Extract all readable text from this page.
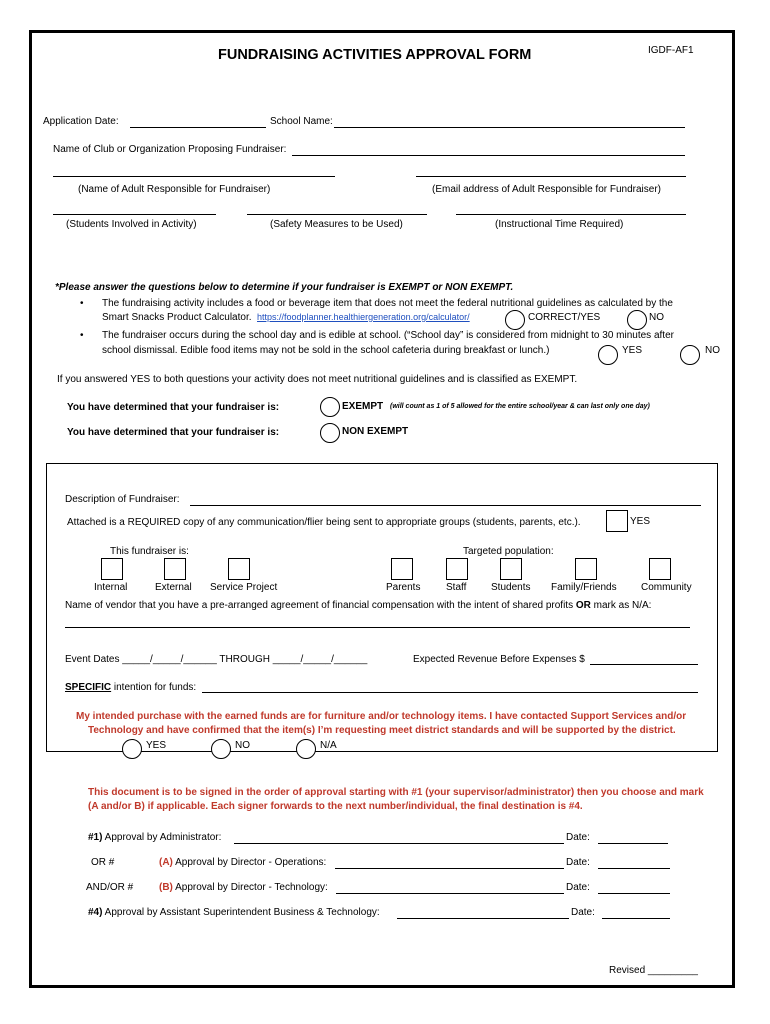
FUNDRAISING ACTIVITIES APPROVAL FORM	IGDF-AF1
Application Date:	School Name:
Name of Club or Organization Proposing Fundraiser:
(Name of Adult Responsible for Fundraiser)	(Email address of Adult Responsible for Fundraiser)
(Students Involved in Activity)	(Safety Measures to be Used)	(Instructional Time Required)
*Please answer the questions below to determine if your fundraiser is EXEMPT or NON EXEMPT.
• The fundraising activity includes a food or beverage item that does not meet the federal nutritional guidelines as calculated by the
Smart Snacks Product Calculator. https://foodplanner.healthiergeneration.org/calculator/	CORRECT/YES	NO
• The fundraiser occurs during the school day and is edible at school. (“School day” is considered from midnight to 30 minutes after
school dismissal. Edible food items may not be sold in the school cafeteria during breakfast or lunch.)	YES	NO
If you answered YES to both questions your activity does not meet nutritional guidelines and is classified as EXEMPT.
You have determined that your fundraiser is:	EXEMPT (will count as 1 of 5 allowed for the entire school/year & can last only one day)
You have determined that your fundraiser is:	NON EXEMPT
Description of Fundraiser:
Attached is a REQUIRED copy of any communication/flier being sent to appropriate groups (students, parents, etc.).	YES
This fundraiser is:	Targeted population:
Internal	External Service Project	Parents	Staff Students Family/Friends Community
Name of vendor that you have a pre-arranged agreement of financial compensation with the intent of shared profits OR mark as N/A:
Event Dates _____/_____/______ THROUGH _____/_____/______	Expected Revenue Before Expenses $
SPECIFIC intention for funds:
My intended purchase with the earned funds are for furniture and/or technology items. I have contacted Support Services and/or
Technology and have confirmed that the item(s) I’m requesting meet district standards and will be supported by the district.
YES	NO	N/A
This document is to be signed in the order of approval starting with #1 (your supervisor/administrator) then you choose and mark
(A and/or B) if applicable. Each signer forwards to the next number/individual, the final destination is #4.
#1) Approval by Administrator:	Date:
OR #	(A) Approval by Director - Operations:	Date:
AND/OR #	(B) Approval by Director - Technology:	Date:
#4) Approval by Assistant Superintendent Business & Technology:	Date:
Revised _________
